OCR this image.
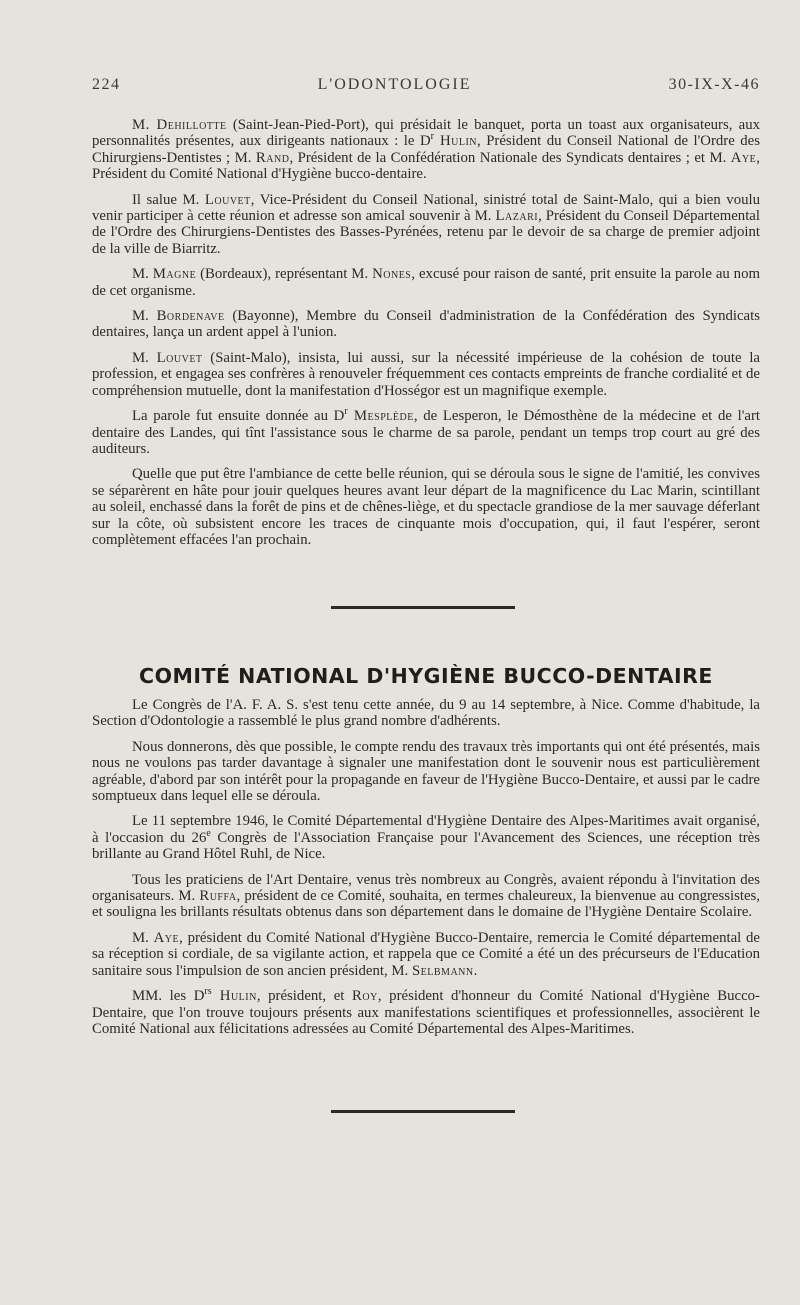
224	L'ODONTOLOGIE	30-IX-X-46

M. Dehillotte (Saint-Jean-Pied-Port), qui présidait le banquet, porta un toast aux organisateurs, aux personnalités présentes, aux dirigeants nationaux : le $D^r$ Hulin, Président du Conseil National de l'Ordre des Chirurgiens-Dentistes ; M. Rand, Président de la Confédération Nationale des Syndicats dentaires ; et M. Aye, Président du Comité National d'Hygiène bucco-dentaire.

Il salue M. Louvet, Vice-Président du Conseil National, sinistré total de Saint-Malo, qui a bien voulu venir participer à cette réunion et adresse son amical souvenir à M. Lazari, Président du Conseil Départemental de l'Ordre des Chirurgiens-Dentistes des Basses-Pyrénées, retenu par le devoir de sa charge de premier adjoint de la ville de Biarritz.

M. Magne (Bordeaux), représentant M. Nones, excusé pour raison de santé, prit ensuite la parole au nom de cet organisme.

M. Bordenave (Bayonne), Membre du Conseil d'administration de la Confédération des Syndicats dentaires, lança un ardent appel à l'union.

M. Louvet (Saint-Malo), insista, lui aussi, sur la nécessité impérieuse de la cohésion de toute la profession, et engagea ses confrères à renouveler fréquemment ces contacts empreints de franche cordialité et de compréhension mutuelle, dont la manifestation d'Hosségor est un magnifique exemple.

La parole fut ensuite donnée au $D^r$ Mesplède, de Lesperon, le Démosthène de la médecine et de l'art dentaire des Landes, qui tînt l'assistance sous le charme de sa parole, pendant un temps trop court au gré des auditeurs.

Quelle que put être l'ambiance de cette belle réunion, qui se déroula sous le signe de l'amitié, les convives se séparèrent en hâte pour jouir quelques heures avant leur départ de la magnificence du Lac Marin, scintillant au soleil, enchassé dans la forêt de pins et de chênes-liège, et du spectacle grandiose de la mer sauvage déferlant sur la côte, où subsistent encore les traces de cinquante mois d'occupation, qui, il faut l'espérer, seront complètement effacées l'an prochain.

COMITÉ NATIONAL D'HYGIÈNE BUCCO-DENTAIRE

Le Congrès de l'A. F. A. S. s'est tenu cette année, du 9 au 14 septembre, à Nice. Comme d'habitude, la Section d'Odontologie a rassemblé le plus grand nombre d'adhérents.

Nous donnerons, dès que possible, le compte rendu des travaux très importants qui ont été présentés, mais nous ne voulons pas tarder davantage à signaler une manifestation dont le souvenir nous est particulièrement agréable, d'abord par son intérêt pour la propagande en faveur de l'Hygiène Bucco-Dentaire, et aussi par le cadre somptueux dans lequel elle se déroula.

Le 11 septembre 1946, le Comité Départemental d'Hygiène Dentaire des Alpes-Maritimes avait organisé, à l'occasion du 26e Congrès de l'Association Française pour l'Avancement des Sciences, une réception très brillante au Grand Hôtel Ruhl, de Nice.

Tous les praticiens de l'Art Dentaire, venus très nombreux au Congrès, avaient répondu à l'invitation des organisateurs. M. Ruffa, président de ce Comité, souhaita, en termes chaleureux, la bienvenue au congressistes, et souligna les brillants résultats obtenus dans son département dans le domaine de l'Hygiène Dentaire Scolaire.

M. Aye, président du Comité National d'Hygiène Bucco-Dentaire, remercia le Comité départemental de sa réception si cordiale, de sa vigilante action, et rappela que ce Comité a été un des précurseurs de l'Education sanitaire sous l'impulsion de son ancien président, M. Selbmann.

MM. les $D^{rs}$ Hulin, président, et Roy, président d'honneur du Comité National d'Hygiène Bucco-Dentaire, que l'on trouve toujours présents aux manifestations scientifiques et professionnelles, associèrent le Comité National aux félicitations adressées au Comité Départemental des Alpes-Maritimes.
